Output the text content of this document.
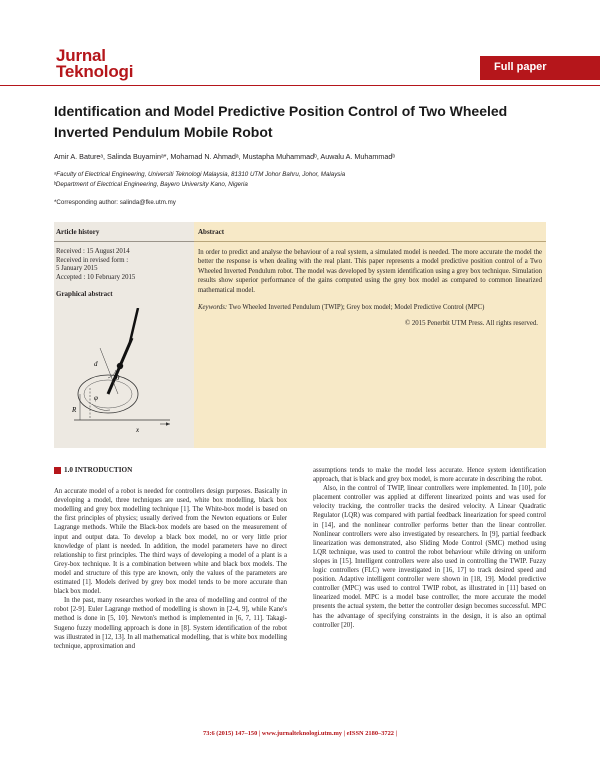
Jurnal
Teknologi	Full paper
Identification and Model Predictive Position Control of Two Wheeled Inverted Pendulum Mobile Robot
Amir A. Batureᵃ, Salinda Buyaminᵃ*, Mohamad N. Ahmadᵃ, Mustapha Muhammadᵇ, Auwalu A. Muhammadᵇ
ᵃFaculty of Electrical Engineering, Universiti Teknologi Malaysia, 81310 UTM Johor Bahru, Johor, Malaysia
ᵇDepartment of Electrical Engineering, Bayero University Kano, Nigeria
*Corresponding author: salinda@fke.utm.my
Article history
Received : 15 August 2014
Received in revised form :
5 January 2015
Accepted : 10 February 2015
Graphical abstract
d
θ
φ
R
x
Abstract
In order to predict and analyse the behaviour of a real system, a simulated model is needed. The more accurate the model the better the response is when dealing with the real plant. This paper represents a model predictive position control of a Two Wheeled Inverted Pendulum robot. The model was developed by system identification using a grey box technique. Simulation results show superior performance of the gains computed using the grey box model as compared to common linearized mathematical model.
Keywords: Two Wheeled Inverted Pendulum (TWIP); Grey box model; Model Predictive Control (MPC)
© 2015 Penerbit UTM Press. All rights reserved.
1.0
INTRODUCTION

An accurate model of a robot is needed for controllers design purposes. Basically in developing a model, three techniques are used, white box modelling, black box modelling and grey box modelling technique [1]. The White-box model is based on the first principles of physics; usually derived from the Newton equations or Euler Lagrange methods. While the Black-box models are based on the measurement of input and output data. To develop a black box model, no or very little prior knowledge of plant is needed. In addition, the model parameters have no direct relationship to first principles. The third ways of developing a model of a plant is a Grey-box technique. It is a combination between white and black box models. The model and structure of this type are known, only the values of the parameters are estimated [1]. Models derived by grey box model tends to be more accurate than black box model.

In the past, many researches worked in the area of modelling and control of the robot [2-9]. Euler Lagrange method of modelling is shown in [2-4, 9], while Kane's method is done in [5, 10]. Newton's method is implemented in [6, 7, 11]. Takagi-Sugeno fuzzy modelling approach is done in [8]. System identification of the robot was illustrated in [12, 13]. In all mathematical modelling, that is white box modelling technique, approximation and

assumptions tends to make the model less accurate. Hence system identification approach, that is black and grey box model, is more accurate in describing the robot.

Also, in the control of TWIP, linear controllers were implemented. In [10], pole placement controller was applied at different linearized points and was used for velocity tracking, the controller tracks the desired velocity. A Linear Quadratic Regulator (LQR) was compared with partial feedback linearization for speed control in [14], and the nonlinear controller performs better than the linear controller. Nonlinear controllers were also investigated by researchers. In [9], partial feedback linearization was demonstrated, also Sliding Mode Control (SMC) method using LQR technique, was used to control the robot behaviour while driving on uniform slopes in [15]. Intelligent controllers were also used in controlling the TWIP. Fuzzy logic controllers (FLC) were investigated in [16, 17] to track desired speed and position. Adaptive intelligent controller were shown in [18, 19]. Model predictive controller (MPC) was used to control TWIP robot, as illustrated in [11] based on linearized model. MPC is a model base controller, the more accurate the model presents the actual system, the better the controller design becomes successful. MPC has the advantage of specifying constraints in the design, it is also an optimal controller [20].

73:6 (2015) 147–150 | www.jurnalteknologi.utm.my | eISSN 2180–3722 |
